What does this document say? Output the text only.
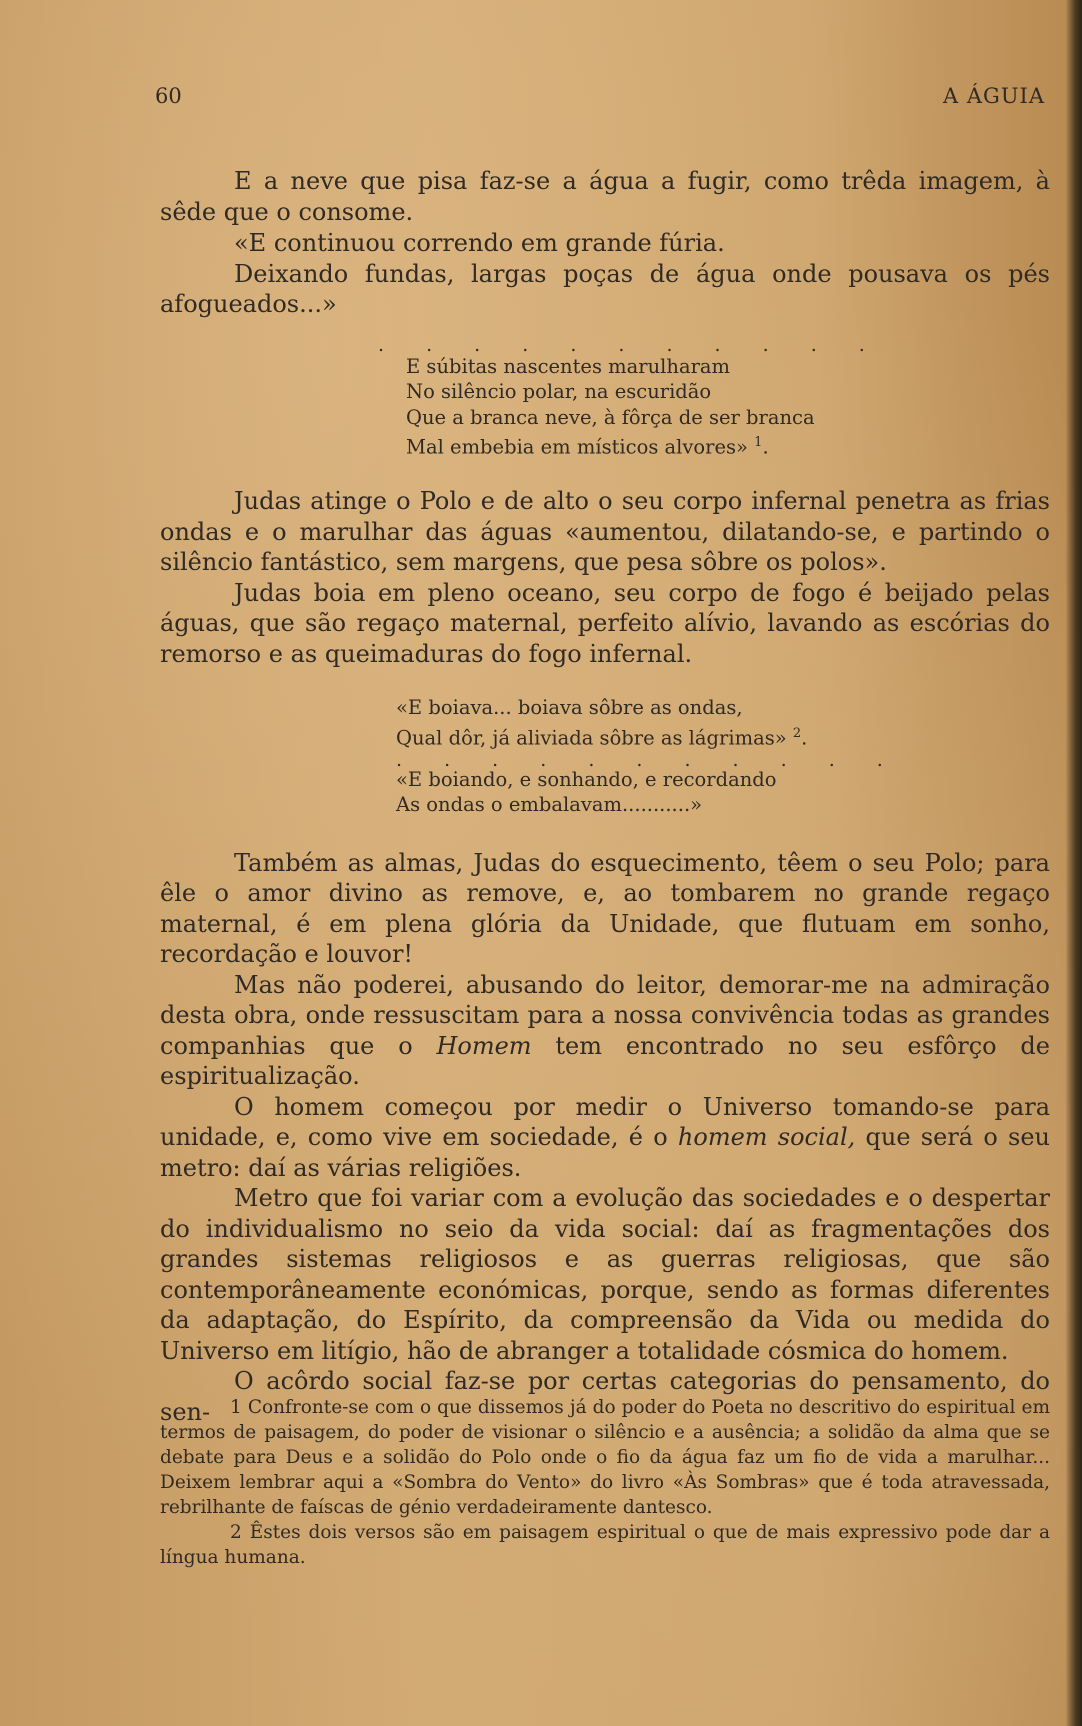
60	A ÁGUIA

E a neve que pisa faz-se a água a fugir, como trêda imagem, à sêde que o consome.

«E continuou correndo em grande fúria.

Deixando fundas, largas poças de água onde pousava os pés afogueados...»

. . . . . . . . . . .

E súbitas nascentes marulharam

No silêncio polar, na escuridão

Que a branca neve, à fôrça de ser branca

Mal embebia em místicos alvores» $^1$.

Judas atinge o Polo e de alto o seu corpo infernal penetra as frias ondas e o marulhar das águas «aumentou, dilatando-se, e partindo o silêncio fantástico, sem margens, que pesa sôbre os polos».

Judas boia em pleno oceano, seu corpo de fogo é beijado pelas águas, que são regaço maternal, perfeito alívio, lavando as escórias do remorso e as queimaduras do fogo infernal.

«E boiava... boiava sôbre as ondas,

Qual dôr, já aliviada sôbre as lágrimas» $^2$.

. . . . . . . . . . .

«E boiando, e sonhando, e recordando

As ondas o embalavam...........»

Também as almas, Judas do esquecimento, têem o seu Polo; para êle o amor divino as remove, e, ao tombarem no grande regaço maternal, é em plena glória da Unidade, que flutuam em sonho, recordação e louvor!

Mas não poderei, abusando do leitor, demorar-me na admiração desta obra, onde ressuscitam para a nossa convivência todas as grandes companhias que o Homem tem encontrado no seu esfôrço de espiritualização.

O homem começou por medir o Universo tomando-se para unidade, e, como vive em sociedade, é o homem social, que será o seu metro: daí as várias religiões.

Metro que foi variar com a evolução das sociedades e o despertar do individualismo no seio da vida social: daí as fragmentações dos grandes sistemas religiosos e as guerras religiosas, que são contemporâneamente económicas, porque, sendo as formas diferentes da adaptação, do Espírito, da compreensão da Vida ou medida do Universo em litígio, hão de abranger a totalidade cósmica do homem.

O acôrdo social faz-se por certas categorias do pensamento, do sen-	1 Confronte-se com o que dissemos já do poder do Poeta no descritivo do espiritual em termos de paisagem, do poder de visionar o silêncio e a ausência; a solidão da alma que se debate para Deus e a solidão do Polo onde o fio da água faz um fio de vida a marulhar... Deixem lembrar aqui a «Sombra do Vento» do livro «Às Sombras» que é toda atravessada, rebrilhante de faíscas de génio verdadeiramente dantesco.

2 Êstes dois versos são em paisagem espiritual o que de mais expressivo pode dar a língua humana.
